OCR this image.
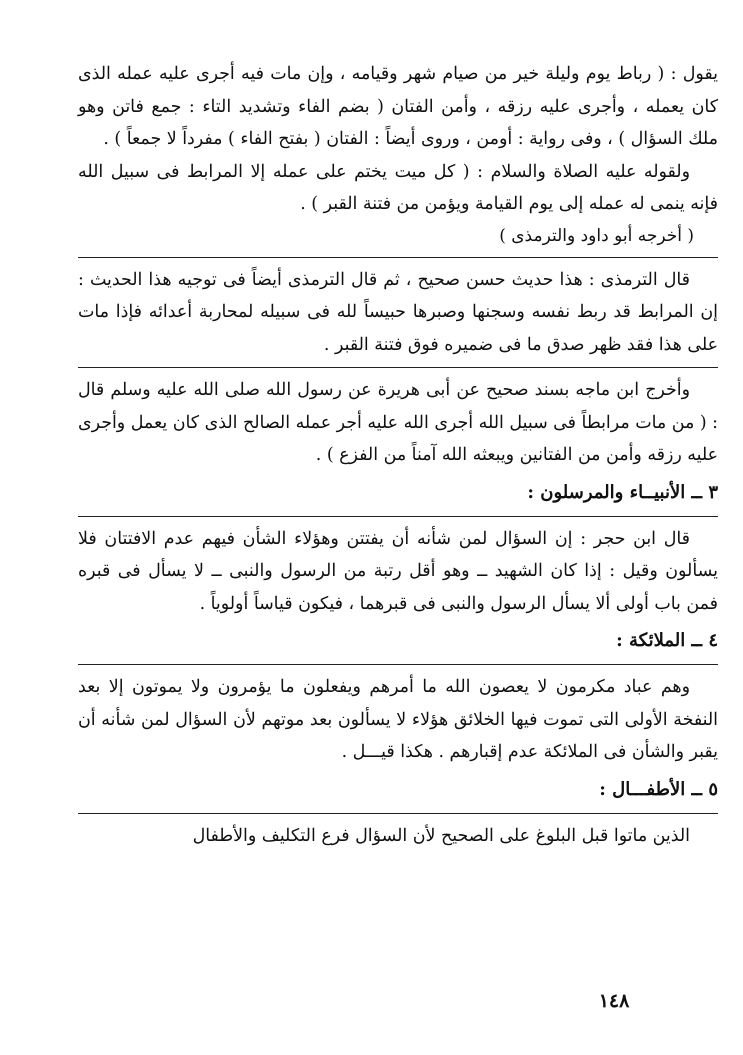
يقول : ( رباط يوم وليلة خير من صيام شهر وقيامه ، وإن مات فيه أجرى عليه عمله الذى كان يعمله ، وأجرى عليه رزقه ، وأمن الفتان ( بضم الفاء وتشديد التاء : جمع فاتن وهو ملك السؤال ) ، وفى رواية : أومن ، وروى أيضاً : الفتان ( بفتح الفاء ) مفرداً لا جمعاً ) .

ولقوله عليه الصلاة والسلام : ( كل ميت يختم على عمله إلا المرابط فى سبيل الله فإنه ينمى له عمله إلى يوم القيامة ويؤمن من فتنة القبر ) .

( أخرجه أبو داود والترمذى )

قال الترمذى : هذا حديث حسن صحيح ، ثم قال الترمذى أيضاً فى توجيه هذا الحديث : إن المرابط قد ربط نفسه وسجنها وصبرها حبيساً لله فى سبيله لمحاربة أعدائه فإذا مات على هذا فقد ظهر صدق ما فى ضميره فوق فتنة القبر .

وأخرج ابن ماجه بسند صحيح عن أبى هريرة عن رسول الله صلى الله عليه وسلم قال : ( من مات مرابطاً فى سبيل الله أجرى الله عليه أجر عمله الصالح الذى كان يعمل وأجرى عليه رزقه وأمن من الفتانين ويبعثه الله آمناً من الفزع ) .

٣ ــ الأنبيــاء والمرسلون :

قال ابن حجر : إن السؤال لمن شأنه أن يفتتن وهؤلاء الشأن فيهم عدم الافتتان فلا يسألون وقيل : إذا كان الشهيد ــ وهو أقل رتبة من الرسول والنبى ــ لا يسأل فى قبره فمن باب أولى ألا يسأل الرسول والنبى فى قبرهما ، فيكون قياساً أولوياً .

٤ ــ الملائكة :

وهم عباد مكرمون لا يعصون الله ما أمرهم ويفعلون ما يؤمرون ولا يموتون إلا بعد النفخة الأولى التى تموت فيها الخلائق هؤلاء لا يسألون بعد موتهم لأن السؤال لمن شأنه أن يقبر والشأن فى الملائكة عدم إقبارهم . هكذا قيـــل .

٥ ــ الأطفـــال :

الذين ماتوا قبل البلوغ على الصحيح لأن السؤال فرع التكليف والأطفال

١٤٨
